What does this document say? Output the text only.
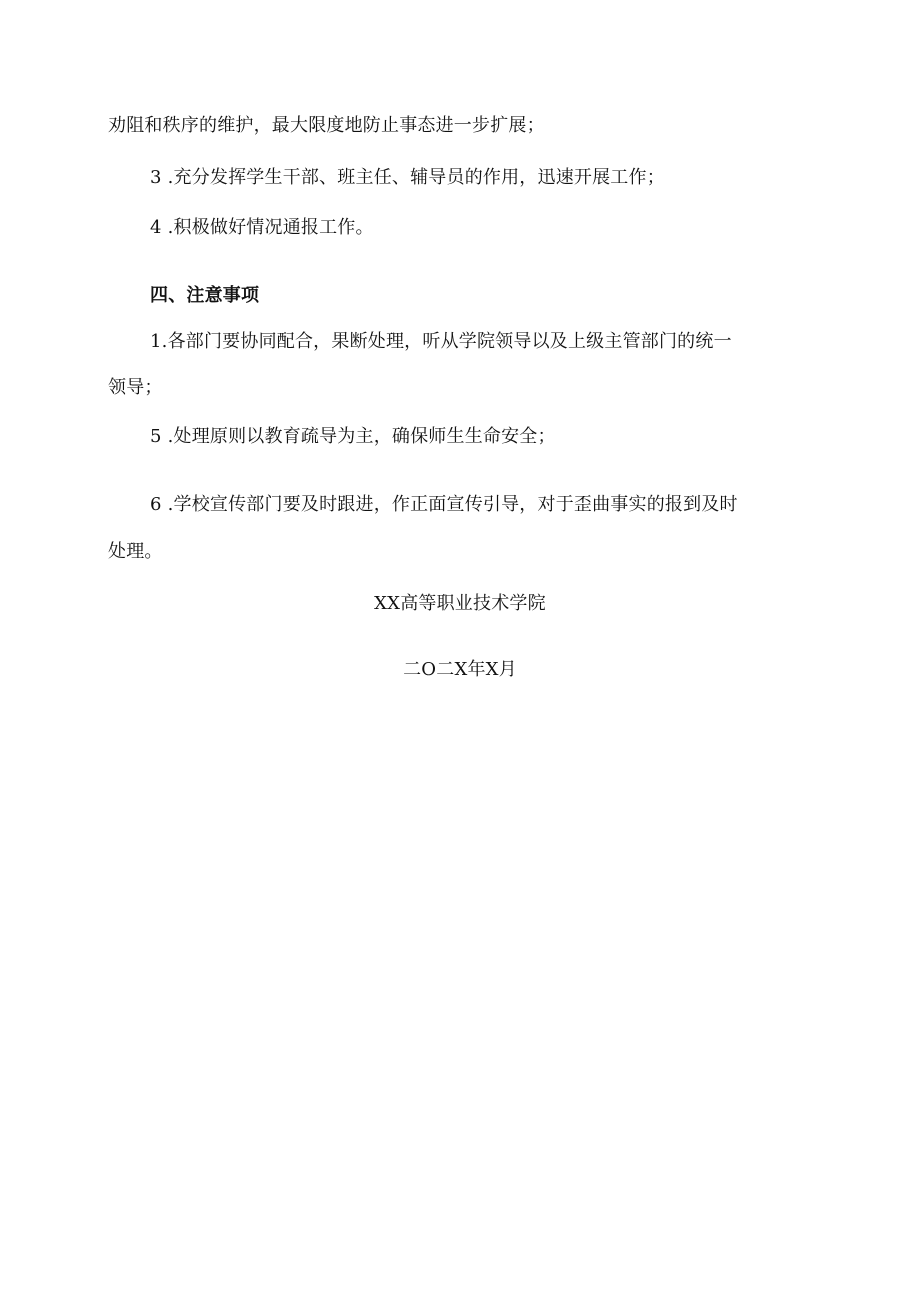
劝阻和秩序的维护，最大限度地防止事态进一步扩展；

3 .充分发挥学生干部、班主任、辅导员的作用，迅速开展工作；

4 .积极做好情况通报工作。

四、注意事项

1.各部门要协同配合，果断处理，听从学院领导以及上级主管部门的统一

领导；

5 .处理原则以教育疏导为主，确保师生生命安全；

6 .学校宣传部门要及时跟进，作正面宣传引导，对于歪曲事实的报到及时

处理。

XX高等职业技术学院

二O二X年X月
